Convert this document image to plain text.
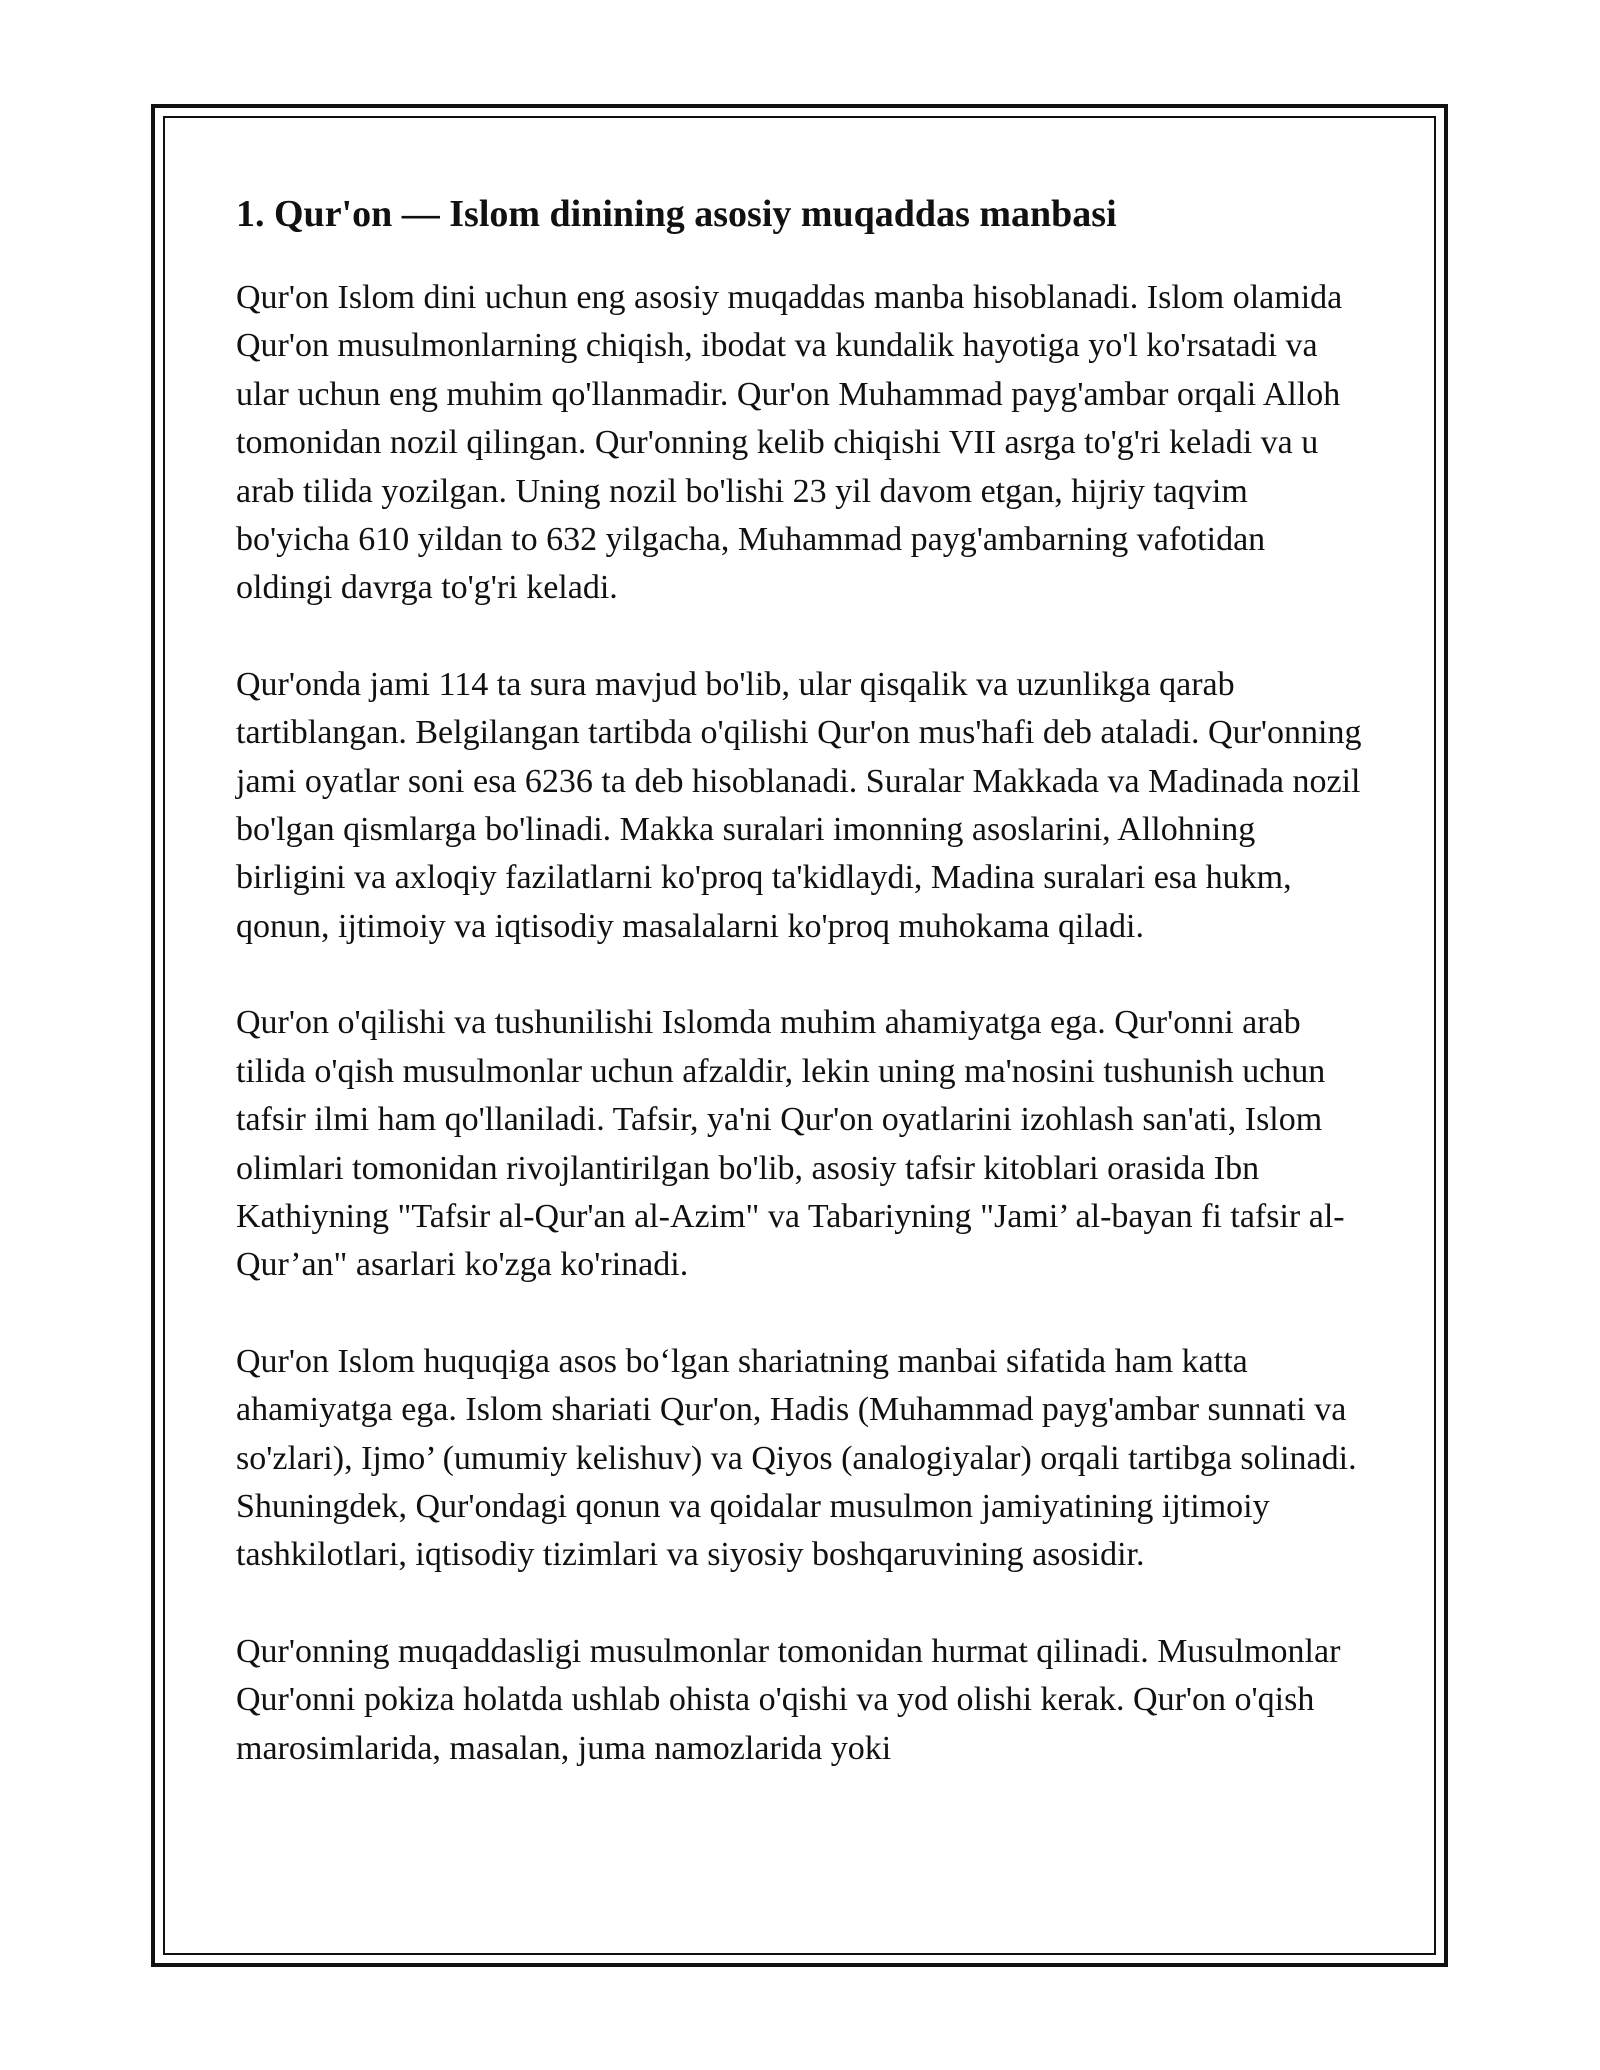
1. Qur'on — Islom dinining asosiy muqaddas manbasi

Qur'on Islom dini uchun eng asosiy muqaddas manba hisoblanadi. Islom olamida Qur'on musulmonlarning chiqish, ibodat va kundalik hayotiga yo'l ko'rsatadi va ular uchun eng muhim qo'llanmadir. Qur'on Muhammad payg'ambar orqali Alloh tomonidan nozil qilingan. Qur'onning kelib chiqishi VII asrga to'g'ri keladi va u arab tilida yozilgan. Uning nozil bo'lishi 23 yil davom etgan, hijriy taqvim bo'yicha 610 yildan to 632 yilgacha, Muhammad payg'ambarning vafotidan oldingi davrga to'g'ri keladi.

Qur'onda jami 114 ta sura mavjud bo'lib, ular qisqalik va uzunlikga qarab tartiblangan. Belgilangan tartibda o'qilishi Qur'on mus'hafi deb ataladi. Qur'onning jami oyatlar soni esa 6236 ta deb hisoblanadi. Suralar Makkada va Madinada nozil bo'lgan qismlarga bo'linadi. Makka suralari imonning asoslarini, Allohning birligini va axloqiy fazilatlarni ko'proq ta'kidlaydi, Madina suralari esa hukm, qonun, ijtimoiy va iqtisodiy masalalarni ko'proq muhokama qiladi.

Qur'on o'qilishi va tushunilishi Islomda muhim ahamiyatga ega. Qur'onni arab tilida o'qish musulmonlar uchun afzaldir, lekin uning ma'nosini tushunish uchun tafsir ilmi ham qo'llaniladi. Tafsir, ya'ni Qur'on oyatlarini izohlash san'ati, Islom olimlari tomonidan rivojlantirilgan bo'lib, asosiy tafsir kitoblari orasida Ibn Kathiyning "Tafsir al-Qur'an al-Azim" va Tabariyning "Jami’ al-bayan fi tafsir al-Qur’an" asarlari ko'zga ko'rinadi.

Qur'on Islom huquqiga asos bo‘lgan shariatning manbai sifatida ham katta ahamiyatga ega. Islom shariati Qur'on, Hadis (Muhammad payg'ambar sunnati va so'zlari), Ijmo’ (umumiy kelishuv) va Qiyos (analogiyalar) orqali tartibga solinadi. Shuningdek, Qur'ondagi qonun va qoidalar musulmon jamiyatining ijtimoiy tashkilotlari, iqtisodiy tizimlari va siyosiy boshqaruvining asosidir.

Qur'onning muqaddasligi musulmonlar tomonidan hurmat qilinadi. Musulmonlar Qur'onni pokiza holatda ushlab ohista o'qishi va yod olishi kerak. Qur'on o'qish marosimlarida, masalan, juma namozlarida yoki
